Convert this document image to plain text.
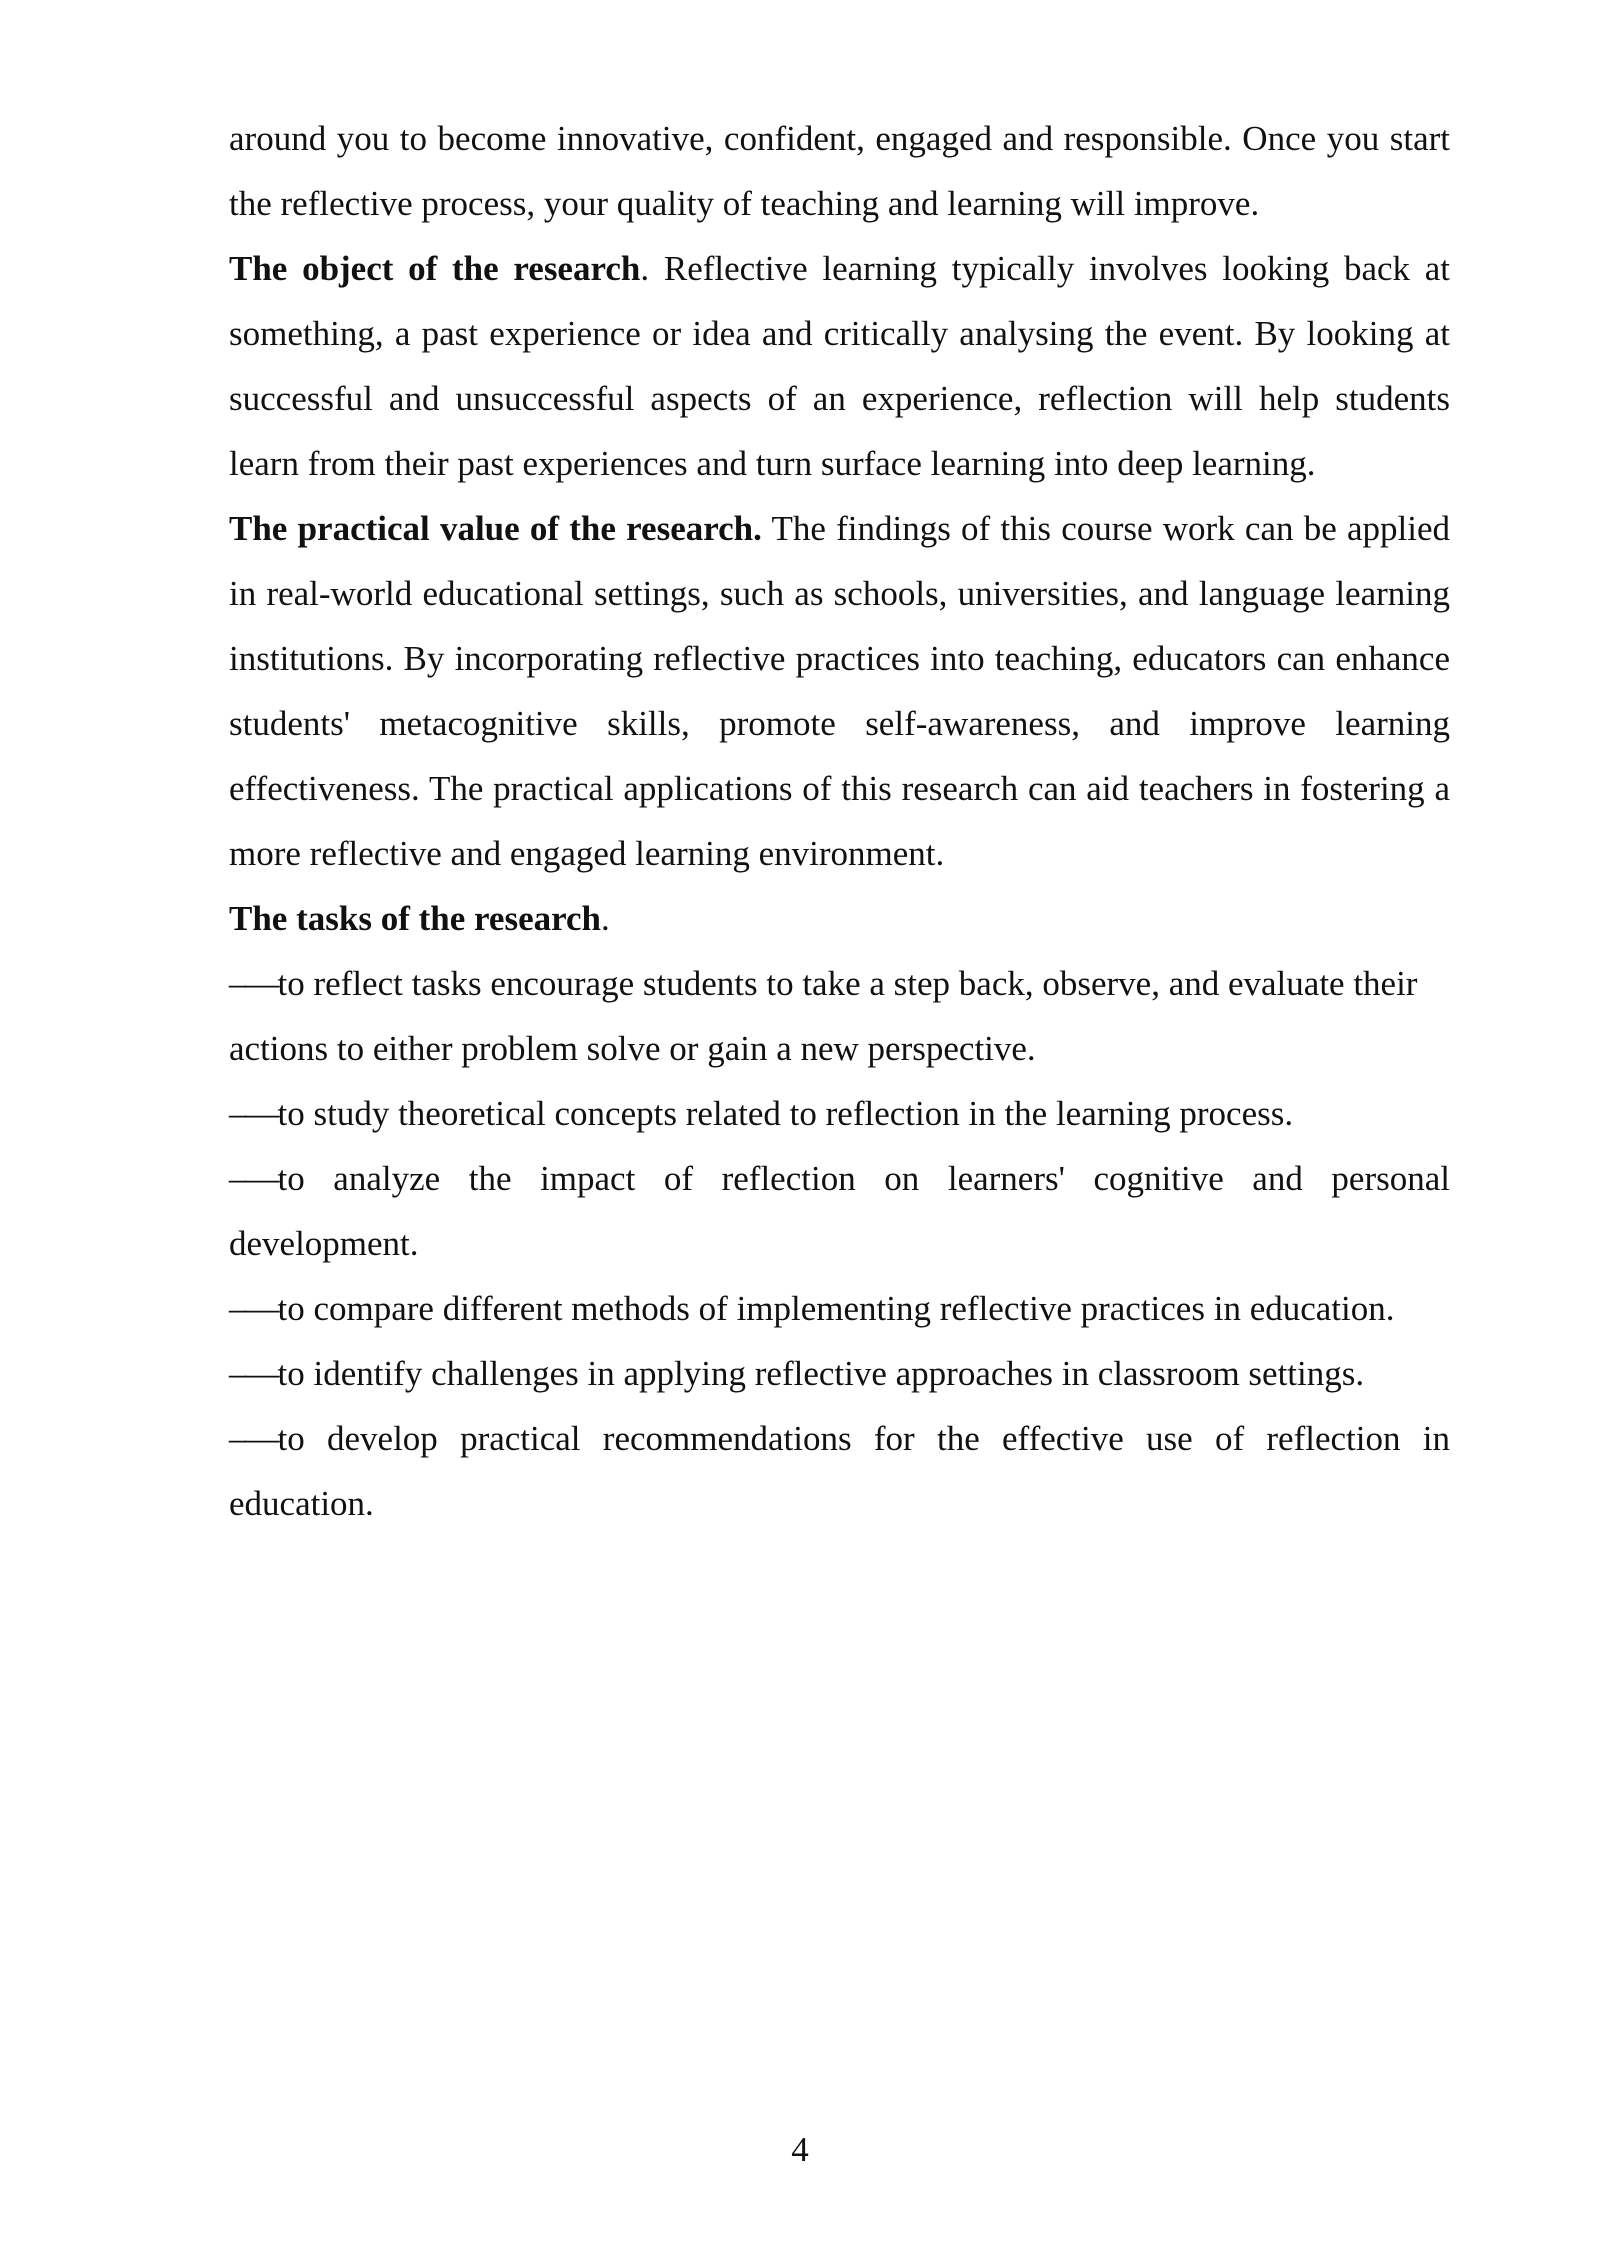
around you to become innovative, confident, engaged and responsible. Once you start the reflective process, your quality of teaching and learning will improve.

The object of the research. Reflective learning typically involves looking back at something, a past experience or idea and critically analysing the event. By looking at successful and unsuccessful aspects of an experience, reflection will help students learn from their past experiences and turn surface learning into deep learning.

The practical value of the research. The findings of this course work can be applied in real-world educational settings, such as schools, universities, and language learning institutions. By incorporating reflective practices into teaching, educators can enhance students' metacognitive skills, promote self-awareness, and improve learning effectiveness. The practical applications of this research can aid teachers in fostering a more reflective and engaged learning environment.

The tasks of the research.

–—to reflect tasks encourage students to take a step back, observe, and evaluate their actions to either problem solve or gain a new perspective.

–—to study theoretical concepts related to reflection in the learning process.

–—to analyze the impact of reflection on learners' cognitive and personal development.

–—to compare different methods of implementing reflective practices in education.

–—to identify challenges in applying reflective approaches in classroom settings.

–—to develop practical recommendations for the effective use of reflection in education.

4
